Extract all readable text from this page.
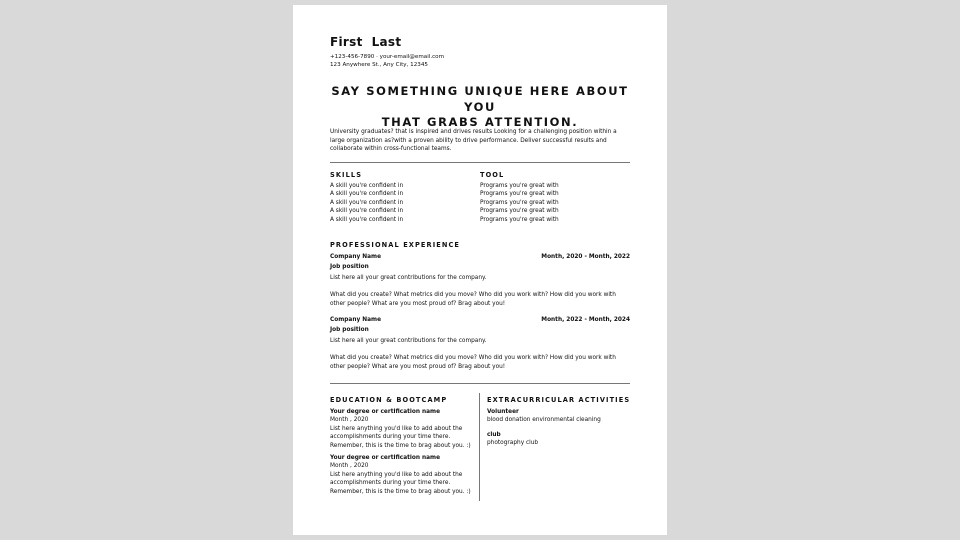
First  Last
+123-456-7890 · your-email@email.com
123 Anywhere St., Any City, 12345
SAY SOMETHING UNIQUE HERE ABOUT YOU
THAT GRABS ATTENTION.
University graduates? that is inspired and drives results Looking for a challenging position within a large organization as?with a proven ability to drive performance. Deliver successful results and collaborate within cross-functional teams.
SKILLS
A skill you're confident in
A skill you're confident in
A skill you're confident in
A skill you're confident in
A skill you're confident in
TOOL
Programs you're great with
Programs you're great with
Programs you're great with
Programs you're great with
Programs you're great with
PROFESSIONAL EXPERIENCE
Company Name	Month, 2020 - Month, 2022
Job position
List here all your great contributions for the company.
What did you create? What metrics did you move? Who did you work with? How did you work with other people? What are you most proud of? Brag about you!
Company Name	Month, 2022 - Month, 2024
Job position
List here all your great contributions for the company.
What did you create? What metrics did you move? Who did you work with? How did you work with other people? What are you most proud of? Brag about you!
EDUCATION & BOOTCAMP
Your degree or certification name
Month , 2020
List here anything you'd like to add about the
accomplishments during your time there.
Remember, this is the time to brag about you. :)
Your degree or certification name
Month , 2020
List here anything you'd like to add about the
accomplishments during your time there.
Remember, this is the time to brag about you. :)
EXTRACURRICULAR ACTIVITIES
Volunteer
blood donation environmental cleaning
club
photography club
